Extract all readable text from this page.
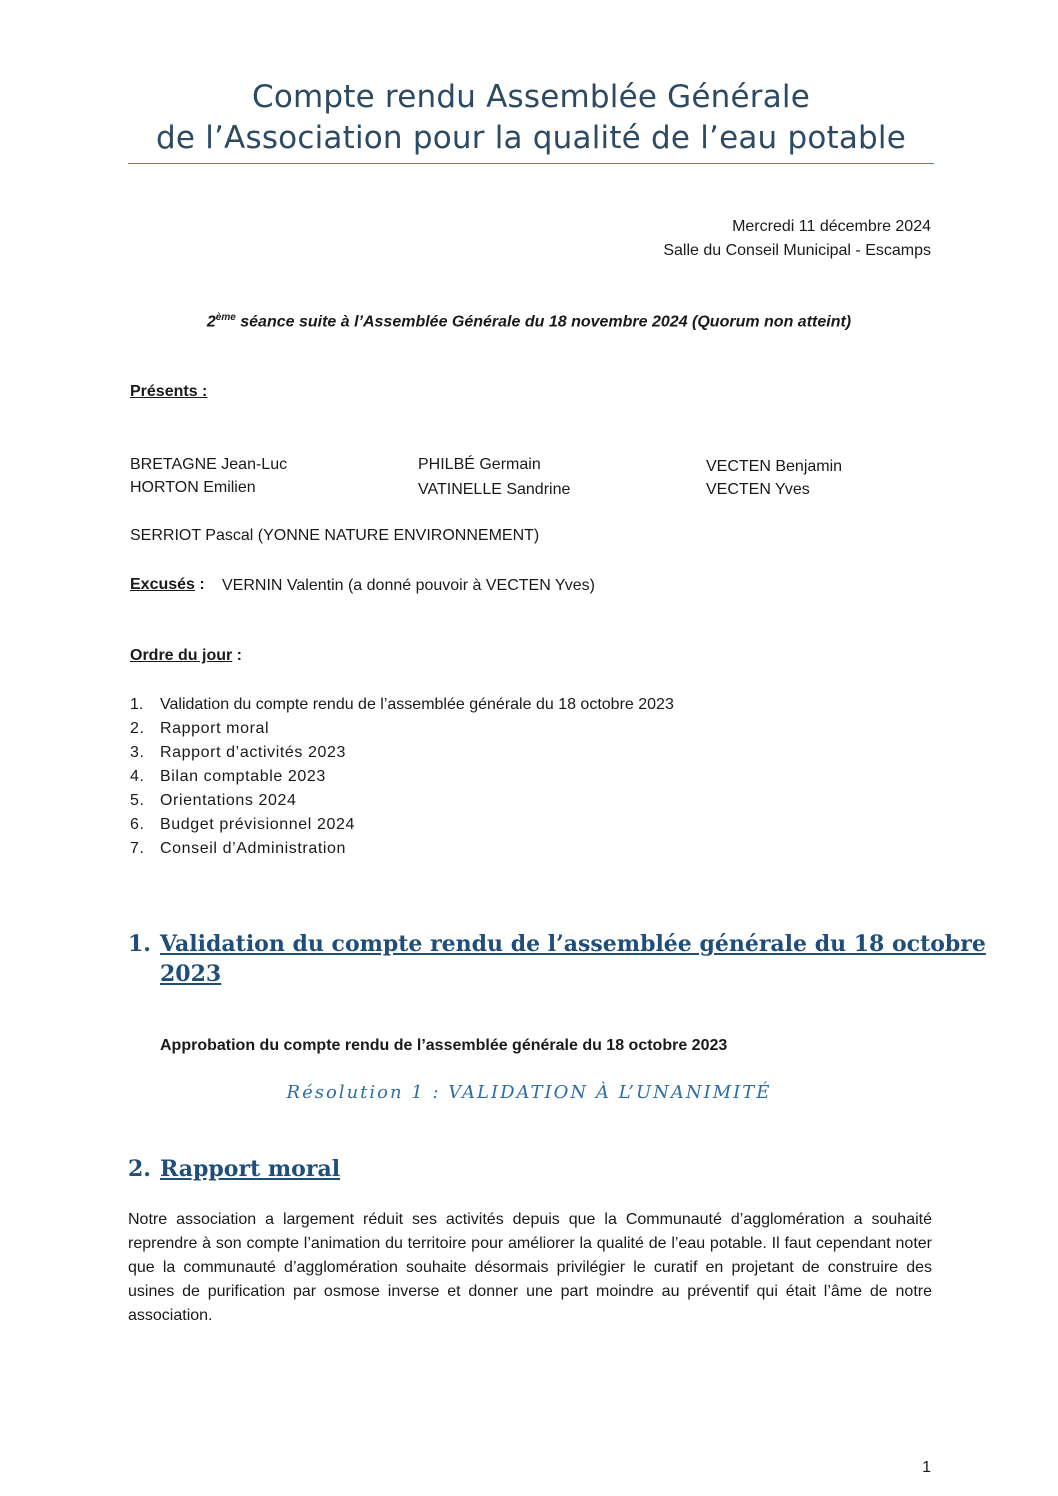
Compte rendu Assemblée Générale
de l’Association pour la qualité de l’eau potable
Mercredi 11 décembre 2024
Salle du Conseil Municipal - Escamps
2ème séance suite à l’Assemblée Générale du 18 novembre 2024 (Quorum non atteint)
Présents :
BRETAGNE Jean-Luc
HORTON Emilien
PHILBÉ Germain
VATINELLE Sandrine
VECTEN Benjamin
VECTEN Yves
SERRIOT Pascal (YONNE NATURE ENVIRONNEMENT)
Excusés : VERNIN Valentin (a donné pouvoir à VECTEN Yves)
Ordre du jour :
1. Validation du compte rendu de l’assemblée générale du 18 octobre 2023
2. Rapport moral
3. Rapport d’activités 2023
4. Bilan comptable 2023
5. Orientations 2024
6. Budget prévisionnel 2024
7. Conseil d’Administration
1. Validation du compte rendu de l’assemblée générale du 18 octobre
2023
Approbation du compte rendu de l’assemblée générale du 18 octobre 2023
Résolution 1 : VALIDATION À L’UNANIMITÉ
2. Rapport moral

Notre association a largement réduit ses activités depuis que la Communauté d’agglomération a souhaité reprendre à son compte l’animation du territoire pour améliorer la qualité de l’eau potable. Il faut cependant noter que la communauté d’agglomération souhaite désormais privilégier le curatif en projetant de construire des usines de purification par osmose inverse et donner une part moindre au préventif qui était l’âme de notre association.

1
